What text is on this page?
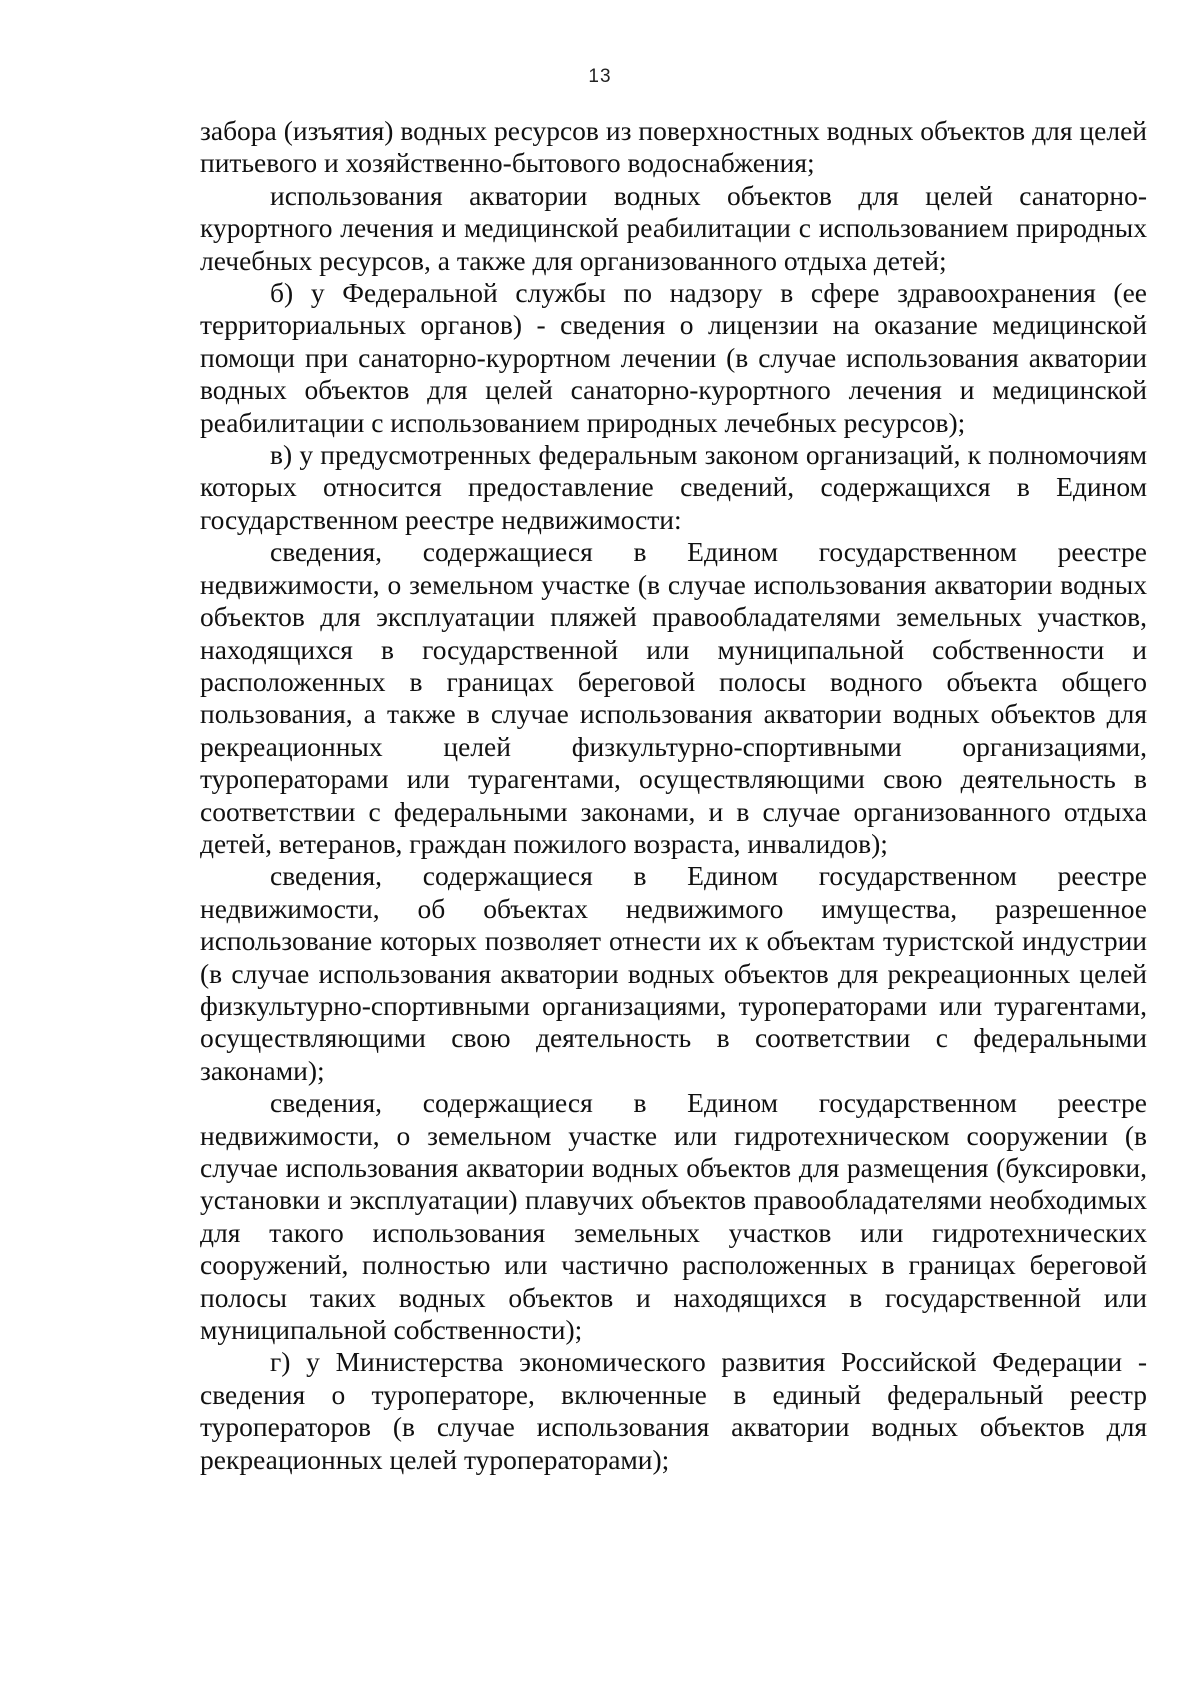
13

забора (изъятия) водных ресурсов из поверхностных водных объектов для целей питьевого и хозяйственно-бытового водоснабжения;

использования акватории водных объектов для целей санаторно-курортного лечения и медицинской реабилитации с использованием природных лечебных ресурсов, а также для организованного отдыха детей;

б) у Федеральной службы по надзору в сфере здравоохранения (ее территориальных органов) - сведения о лицензии на оказание медицинской помощи при санаторно-курортном лечении (в случае использования акватории водных объектов для целей санаторно-курортного лечения и медицинской реабилитации с использованием природных лечебных ресурсов);

в) у предусмотренных федеральным законом организаций, к полномочиям которых относится предоставление сведений, содержащихся в Едином государственном реестре недвижимости:

сведения, содержащиеся в Едином государственном реестре недвижимости, о земельном участке (в случае использования акватории водных объектов для эксплуатации пляжей правообладателями земельных участков, находящихся в государственной или муниципальной собственности и расположенных в границах береговой полосы водного объекта общего пользования, а также в случае использования акватории водных объектов для рекреационных целей физкультурно-спортивными организациями, туроператорами или турагентами, осуществляющими свою деятельность в соответствии с федеральными законами, и в случае организованного отдыха детей, ветеранов, граждан пожилого возраста, инвалидов);

сведения, содержащиеся в Едином государственном реестре недвижимости, об объектах недвижимого имущества, разрешенное использование которых позволяет отнести их к объектам туристской индустрии (в случае использования акватории водных объектов для рекреационных целей физкультурно-спортивными организациями, туроператорами или турагентами, осуществляющими свою деятельность в соответствии с федеральными законами);

сведения, содержащиеся в Едином государственном реестре недвижимости, о земельном участке или гидротехническом сооружении (в случае использования акватории водных объектов для размещения (буксировки, установки и эксплуатации) плавучих объектов правообладателями необходимых для такого использования земельных участков или гидротехнических сооружений, полностью или частично расположенных в границах береговой полосы таких водных объектов и находящихся в государственной или муниципальной собственности);

г) у Министерства экономического развития Российской Федерации - сведения о туроператоре, включенные в единый федеральный реестр туроператоров (в случае использования акватории водных объектов для рекреационных целей туроператорами);
